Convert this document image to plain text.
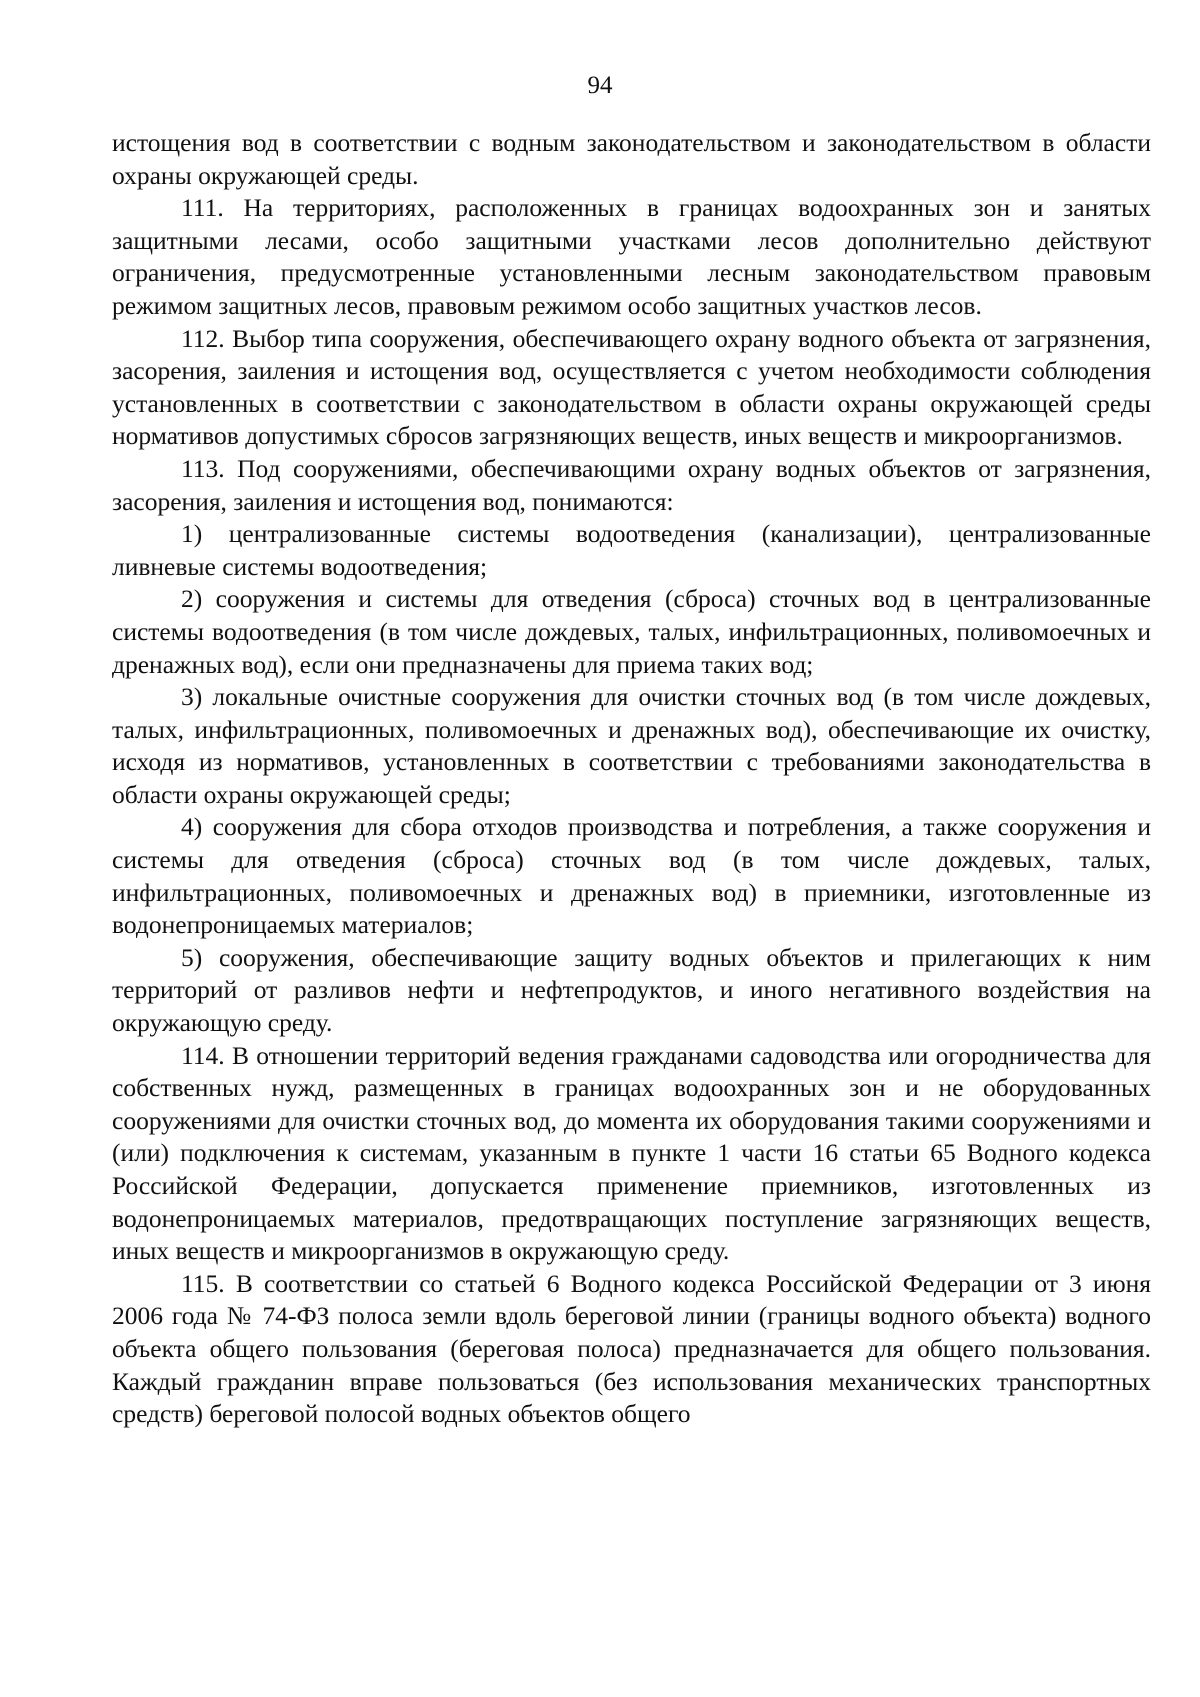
94

истощения вод в соответствии с водным законодательством и законодательством в области охраны окружающей среды.

111. На территориях, расположенных в границах водоохранных зон и занятых защитными лесами, особо защитными участками лесов дополнительно действуют ограничения, предусмотренные установленными лесным законодательством правовым режимом защитных лесов, правовым режимом особо защитных участков лесов.

112. Выбор типа сооружения, обеспечивающего охрану водного объекта от загрязнения, засорения, заиления и истощения вод, осуществляется с учетом необходимости соблюдения установленных в соответствии с законодательством в области охраны окружающей среды нормативов допустимых сбросов загрязняющих веществ, иных веществ и микроорганизмов.

113. Под сооружениями, обеспечивающими охрану водных объектов от загрязнения, засорения, заиления и истощения вод, понимаются:

1) централизованные системы водоотведения (канализации), централизованные ливневые системы водоотведения;

2) сооружения и системы для отведения (сброса) сточных вод в централизованные системы водоотведения (в том числе дождевых, талых, инфильтрационных, поливомоечных и дренажных вод), если они предназначены для приема таких вод;

3) локальные очистные сооружения для очистки сточных вод (в том числе дождевых, талых, инфильтрационных, поливомоечных и дренажных вод), обеспечивающие их очистку, исходя из нормативов, установленных в соответствии с требованиями законодательства в области охраны окружающей среды;

4) сооружения для сбора отходов производства и потребления, а также сооружения и системы для отведения (сброса) сточных вод (в том числе дождевых, талых, инфильтрационных, поливомоечных и дренажных вод) в приемники, изготовленные из водонепроницаемых материалов;

5) сооружения, обеспечивающие защиту водных объектов и прилегающих к ним территорий от разливов нефти и нефтепродуктов, и иного негативного воздействия на окружающую среду.

114. В отношении территорий ведения гражданами садоводства или огородничества для собственных нужд, размещенных в границах водоохранных зон и не оборудованных сооружениями для очистки сточных вод, до момента их оборудования такими сооружениями и (или) подключения к системам, указанным в пункте 1 части 16 статьи 65 Водного кодекса Российской Федерации, допускается применение приемников, изготовленных из водонепроницаемых материалов, предотвращающих поступление загрязняющих веществ, иных веществ и микроорганизмов в окружающую среду.

115. В соответствии со статьей 6 Водного кодекса Российской Федерации от 3 июня 2006 года № 74-ФЗ полоса земли вдоль береговой линии (границы водного объекта) водного объекта общего пользования (береговая полоса) предназначается для общего пользования. Каждый гражданин вправе пользоваться (без использования механических транспортных средств) береговой полосой водных объектов общего
